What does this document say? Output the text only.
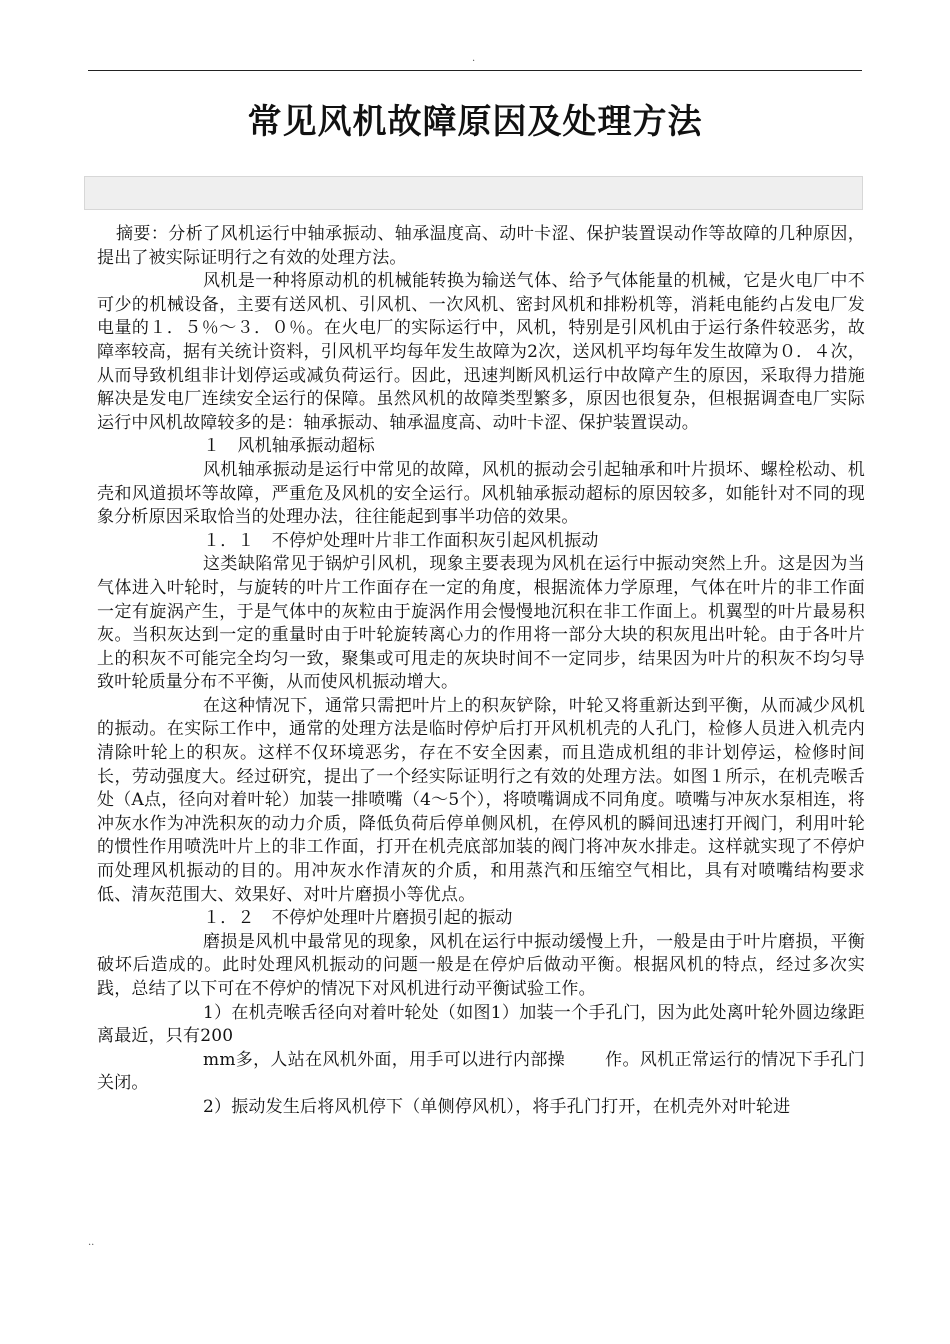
.
常见风机故障原因及处理方法

摘要：分析了风机运行中轴承振动、轴承温度高、动叶卡涩、保护装置误动作等故障的几种原因，提出了被实际证明行之有效的处理方法。

风机是一种将原动机的机械能转换为输送气体、给予气体能量的机械，它是火电厂中不可少的机械设备，主要有送风机、引风机、一次风机、密封风机和排粉机等，消耗电能约占发电厂发电量的１．５％～３．０％。在火电厂的实际运行中，风机，特别是引风机由于运行条件较恶劣，故障率较高，据有关统计资料，引风机平均每年发生故障为2次，送风机平均每年发生故障为０．４次，从而导致机组非计划停运或减负荷运行。因此，迅速判断风机运行中故障产生的原因，采取得力措施解决是发电厂连续安全运行的保障。虽然风机的故障类型繁多，原因也很复杂，但根据调查电厂实际运行中风机故障较多的是：轴承振动、轴承温度高、动叶卡涩、保护装置误动。

１　风机轴承振动超标

风机轴承振动是运行中常见的故障，风机的振动会引起轴承和叶片损坏、螺栓松动、机壳和风道损坏等故障，严重危及风机的安全运行。风机轴承振动超标的原因较多，如能针对不同的现象分析原因采取恰当的处理办法，往往能起到事半功倍的效果。

１．１　不停炉处理叶片非工作面积灰引起风机振动

这类缺陷常见于锅炉引风机，现象主要表现为风机在运行中振动突然上升。这是因为当气体进入叶轮时，与旋转的叶片工作面存在一定的角度，根据流体力学原理，气体在叶片的非工作面一定有旋涡产生，于是气体中的灰粒由于旋涡作用会慢慢地沉积在非工作面上。机翼型的叶片最易积灰。当积灰达到一定的重量时由于叶轮旋转离心力的作用将一部分大块的积灰甩出叶轮。由于各叶片上的积灰不可能完全均匀一致，聚集或可甩走的灰块时间不一定同步，结果因为叶片的积灰不均匀导致叶轮质量分布不平衡，从而使风机振动增大。

在这种情况下，通常只需把叶片上的积灰铲除，叶轮又将重新达到平衡，从而减少风机的振动。在实际工作中，通常的处理方法是临时停炉后打开风机机壳的人孔门，检修人员进入机壳内清除叶轮上的积灰。这样不仅环境恶劣，存在不安全因素，而且造成机组的非计划停运，检修时间长，劳动强度大。经过研究，提出了一个经实际证明行之有效的处理方法。如图１所示，在机壳喉舌处（A点，径向对着叶轮）加装一排喷嘴（4～5个），将喷嘴调成不同角度。喷嘴与冲灰水泵相连，将冲灰水作为冲洗积灰的动力介质，降低负荷后停单侧风机，在停风机的瞬间迅速打开阀门，利用叶轮的惯性作用喷洗叶片上的非工作面，打开在机壳底部加装的阀门将冲灰水排走。这样就实现了不停炉而处理风机振动的目的。用冲灰水作清灰的介质，和用蒸汽和压缩空气相比，具有对喷嘴结构要求低、清灰范围大、效果好、对叶片磨损小等优点。

１．２　不停炉处理叶片磨损引起的振动

磨损是风机中最常见的现象，风机在运行中振动缓慢上升，一般是由于叶片磨损，平衡破坏后造成的。此时处理风机振动的问题一般是在停炉后做动平衡。根据风机的特点，经过多次实践，总结了以下可在不停炉的情况下对风机进行动平衡试验工作。

1）在机壳喉舌径向对着叶轮处（如图1）加装一个手孔门，因为此处离叶轮外圆边缘距离最近，只有200

mm多，人站在风机外面，用手可以进行内部操 作。风机正常运行的情况下手孔门关闭。

2）振动发生后将风机停下（单侧停风机），将手孔门打开，在机壳外对叶轮进

..
